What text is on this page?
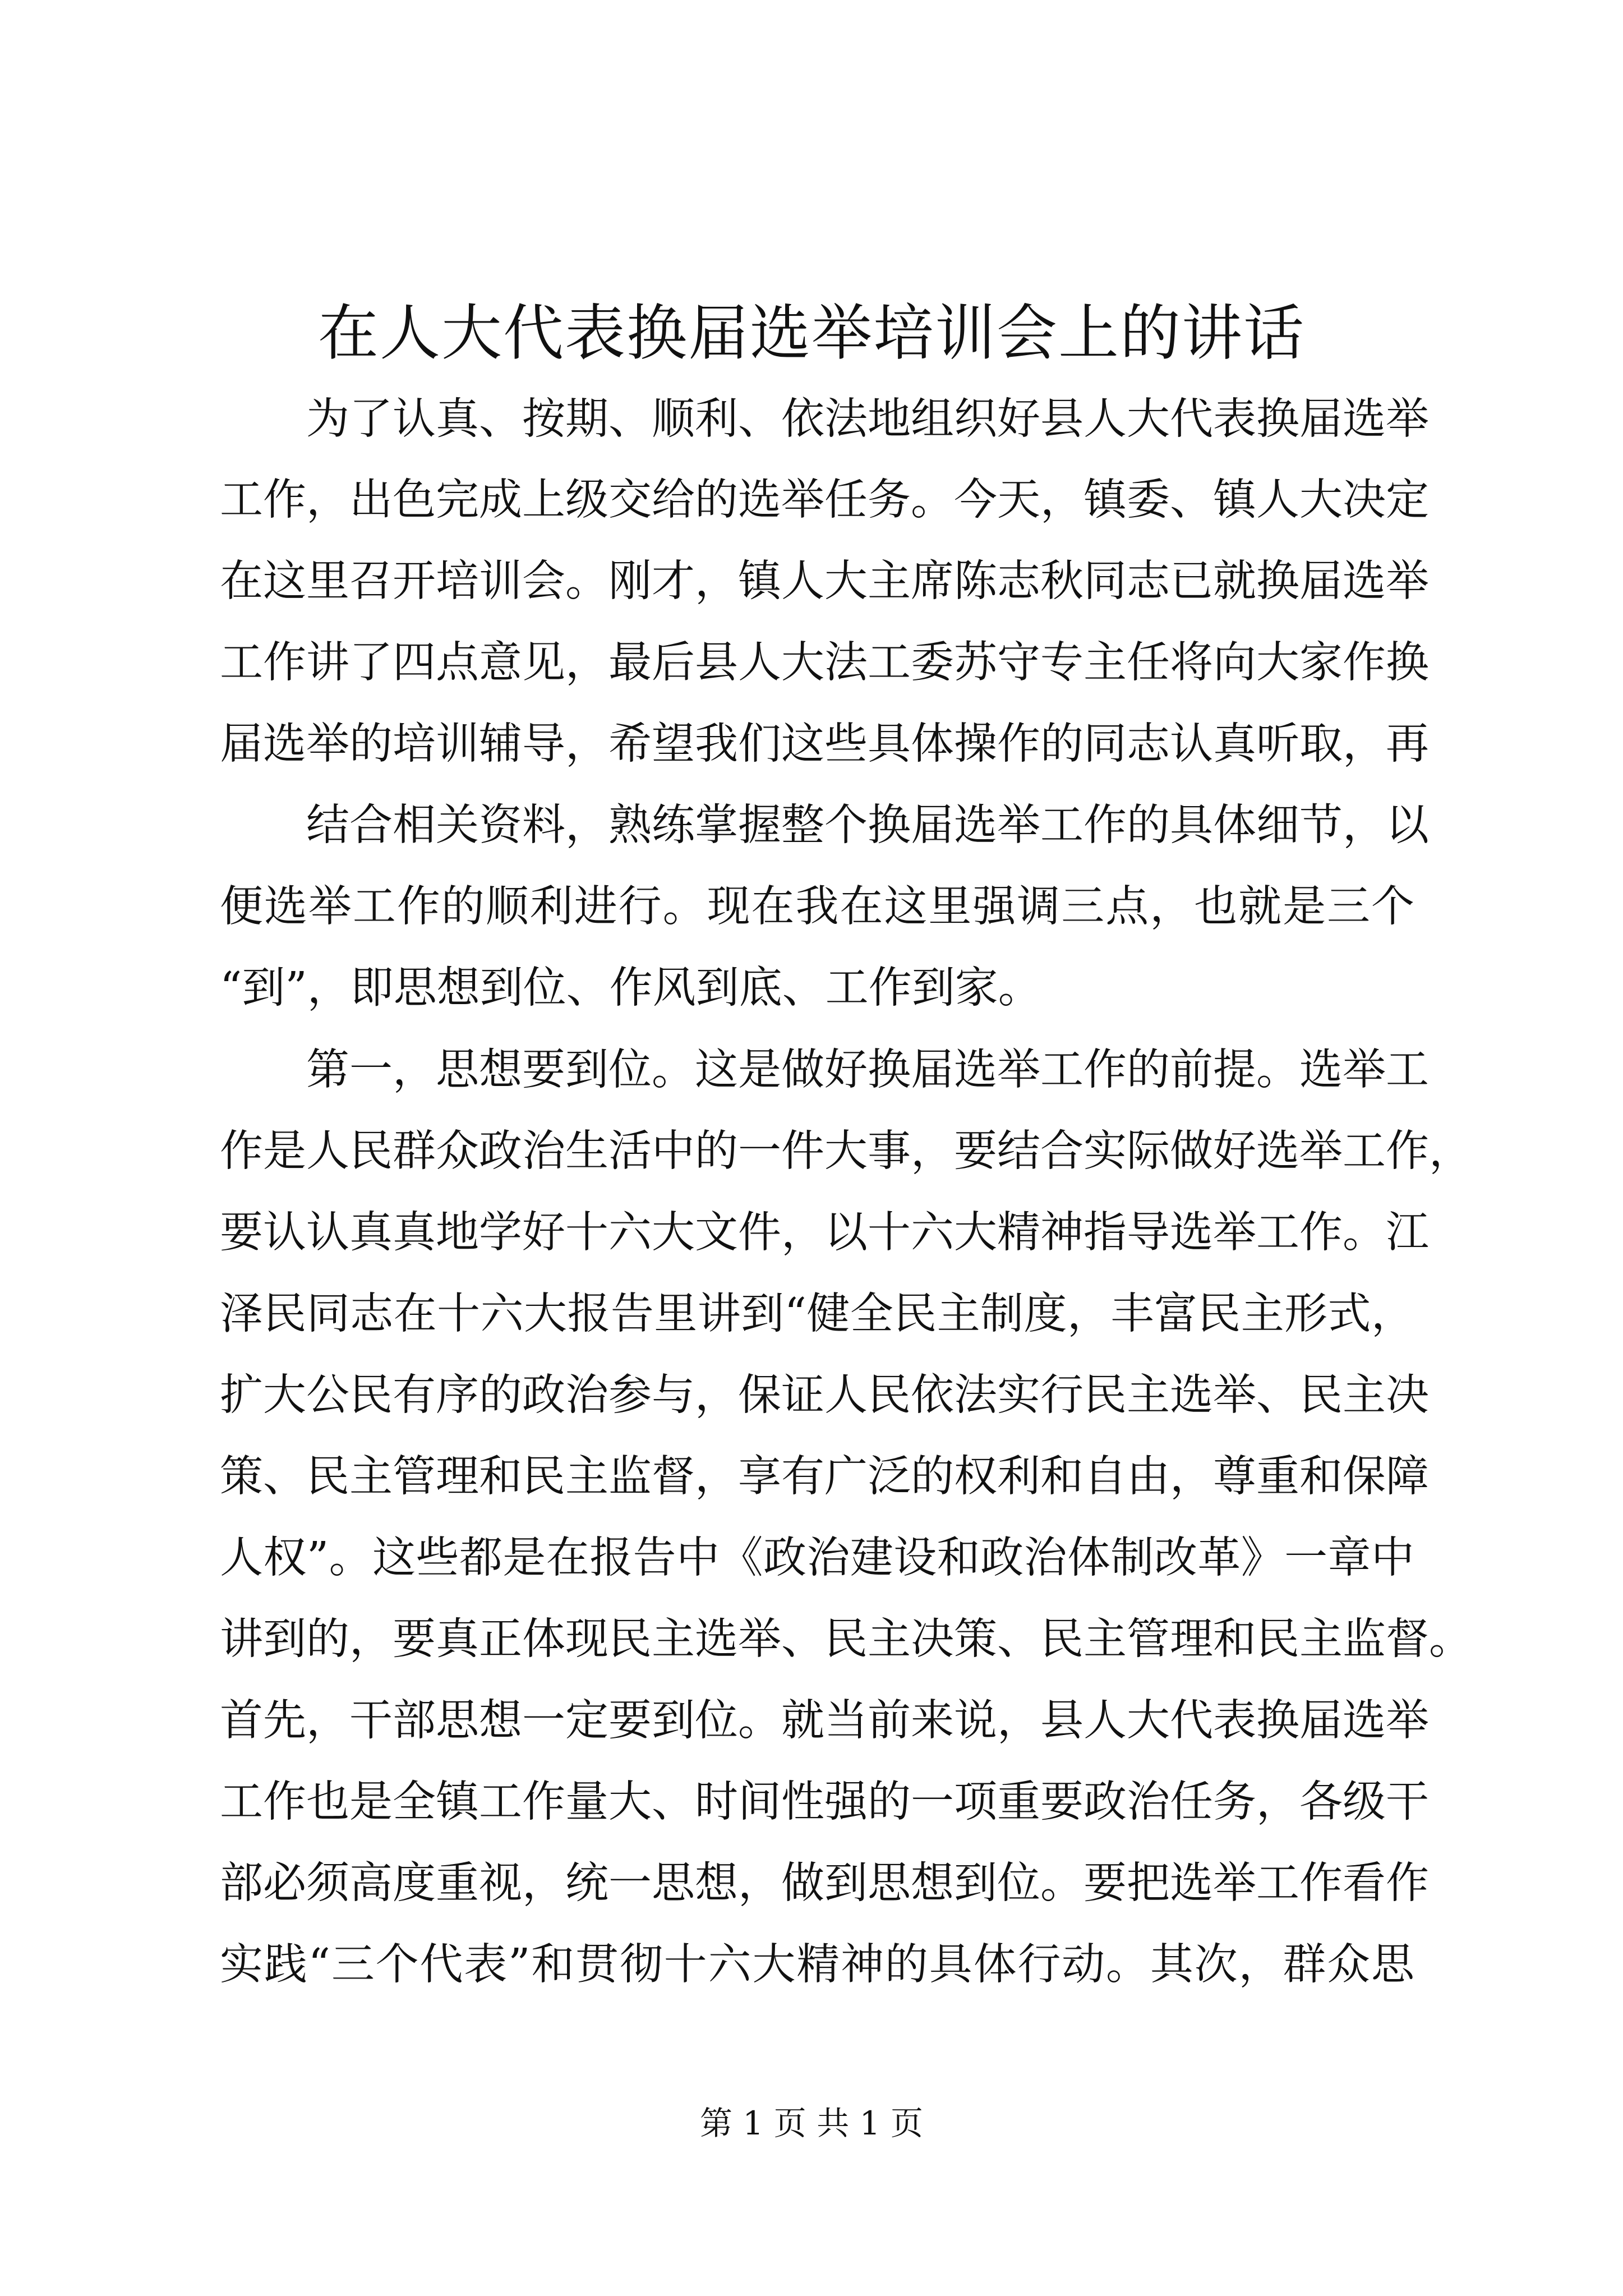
在人大代表换届选举培训会上的讲话

为了认真、按期、顺利、依法地组织好县人大代表换届选举

工作，出色完成上级交给的选举任务。今天，镇委、镇人大决定

在这里召开培训会。刚才，镇人大主席陈志秋同志已就换届选举

工作讲了四点意见，最后县人大法工委苏守专主任将向大家作换

届选举的培训辅导，希望我们这些具体操作的同志认真听取，再

结合相关资料，熟练掌握整个换届选举工作的具体细节，以

便选举工作的顺利进行。现在我在这里强调三点，也就是三个

“到”，即思想到位、作风到底、工作到家。

第一，思想要到位。这是做好换届选举工作的前提。选举工

作是人民群众政治生活中的一件大事，要结合实际做好选举工作，

要认认真真地学好十六大文件，以十六大精神指导选举工作。江

泽民同志在十六大报告里讲到“健全民主制度，丰富民主形式，

扩大公民有序的政治参与，保证人民依法实行民主选举、民主决

策、民主管理和民主监督，享有广泛的权利和自由，尊重和保障

人权”。这些都是在报告中《政治建设和政治体制改革》一章中

讲到的，要真正体现民主选举、民主决策、民主管理和民主监督。

首先，干部思想一定要到位。就当前来说，县人大代表换届选举

工作也是全镇工作量大、时间性强的一项重要政治任务，各级干

部必须高度重视，统一思想，做到思想到位。要把选举工作看作

实践“三个代表”和贯彻十六大精神的具体行动。其次，群众思

第 1 页 共 1 页
